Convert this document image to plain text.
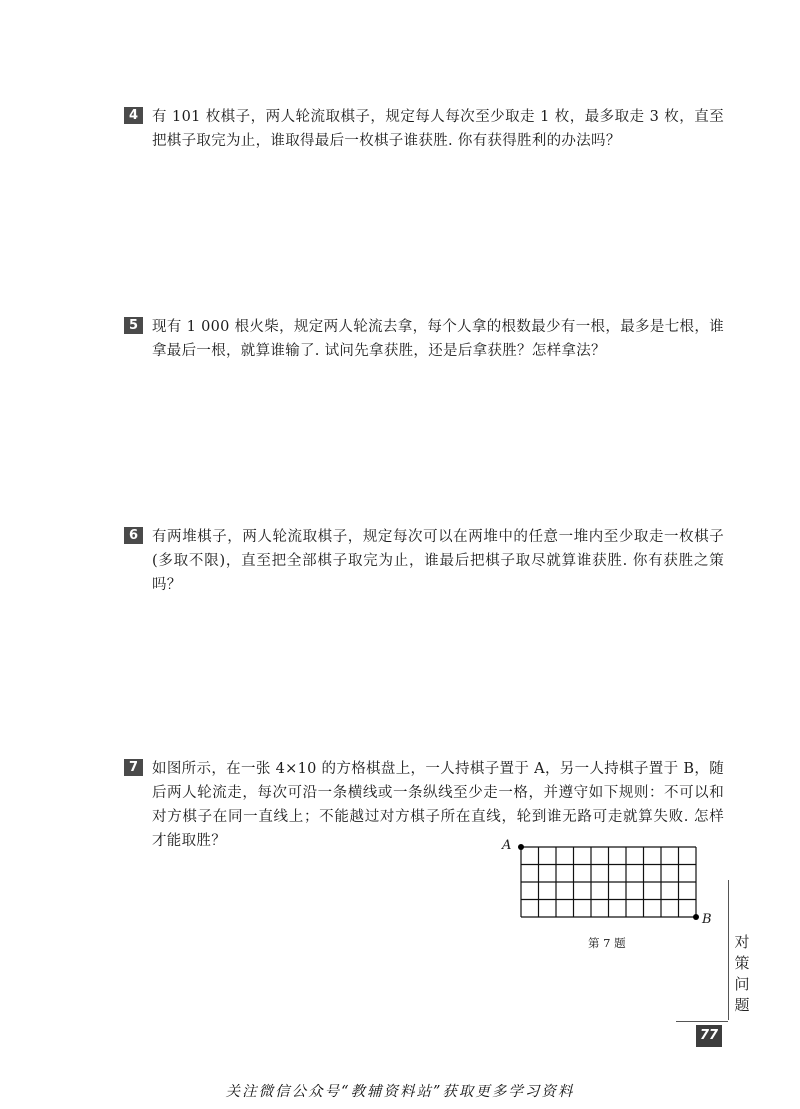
4 有 101 枚棋子，两人轮流取棋子，规定每人每次至少取走 1 枚，最多取走 3 枚，直至把棋子取完为止，谁取得最后一枚棋子谁获胜. 你有获得胜利的办法吗？

5 现有 1 000 根火柴，规定两人轮流去拿，每个人拿的根数最少有一根，最多是七根，谁拿最后一根，就算谁输了. 试问先拿获胜，还是后拿获胜？怎样拿法？

6 有两堆棋子，两人轮流取棋子，规定每次可以在两堆中的任意一堆内至少取走一枚棋子(多取不限)，直至把全部棋子取完为止，谁最后把棋子取尽就算谁获胜. 你有获胜之策吗？

7 如图所示，在一张 4×10 的方格棋盘上，一人持棋子置于 A，另一人持棋子置于 B，随后两人轮流走，每次可沿一条横线或一条纵线至少走一格，并遵守如下规则：不可以和对方棋子在同一直线上；不能越过对方棋子所在直线，轮到谁无路可走就算失败. 怎样才能取胜？	A
B
第 7 题	对
策
问
题
77
关注微信公众号“教辅资料站”获取更多学习资料
